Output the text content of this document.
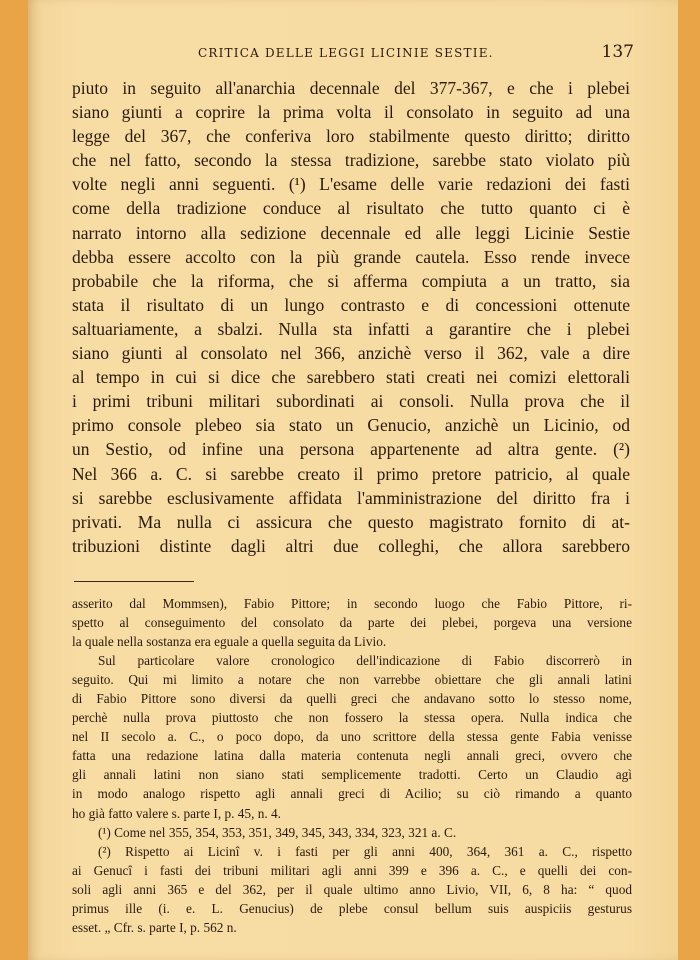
CRITICA DELLE LEGGI LICINIE SESTIE.	137
piuto in seguito all'anarchia decennale del 377-367, e che i plebei
siano giunti a coprire la prima volta il consolato in seguito ad una
legge del 367, che conferiva loro stabilmente questo diritto; diritto
che nel fatto, secondo la stessa tradizione, sarebbe stato violato più
volte negli anni seguenti. (¹) L'esame delle varie redazioni dei fasti
come della tradizione conduce al risultato che tutto quanto ci è
narrato intorno alla sedizione decennale ed alle leggi Licinie Sestie
debba essere accolto con la più grande cautela. Esso rende invece
probabile che la riforma, che si afferma compiuta a un tratto, sia
stata il risultato di un lungo contrasto e di concessioni ottenute
saltuariamente, a sbalzi. Nulla sta infatti a garantire che i plebei
siano giunti al consolato nel 366, anzichè verso il 362, vale a dire
al tempo in cui si dice che sarebbero stati creati nei comizi elettorali
i primi tribuni militari subordinati ai consoli. Nulla prova che il
primo console plebeo sia stato un Genucio, anzichè un Licinio, od
un Sestio, od infine una persona appartenente ad altra gente. (²)
Nel 366 a. C. si sarebbe creato il primo pretore patricio, al quale
si sarebbe esclusivamente affidata l'amministrazione del diritto fra i
privati. Ma nulla ci assicura che questo magistrato fornito di at-
tribuzioni distinte dagli altri due colleghi, che allora sarebbero
asserito dal Mommsen), Fabio Pittore; in secondo luogo che Fabio Pittore, ri-
spetto al conseguimento del consolato da parte dei plebei, porgeva una versione
la quale nella sostanza era eguale a quella seguita da Livio.
Sul particolare valore cronologico dell'indicazione di Fabio discorrerò in
seguito. Qui mi limito a notare che non varrebbe obiettare che gli annali latini
di Fabio Pittore sono diversi da quelli greci che andavano sotto lo stesso nome,
perchè nulla prova piuttosto che non fossero la stessa opera. Nulla indica che
nel II secolo a. C., o poco dopo, da uno scrittore della stessa gente Fabia venisse
fatta una redazione latina dalla materia contenuta negli annali greci, ovvero che
gli annali latini non siano stati semplicemente tradotti. Certo un Claudio agì
in modo analogo rispetto agli annali greci di Acilio; su ciò rimando a quanto
ho già fatto valere s. parte I, p. 45, n. 4.
(¹) Come nel 355, 354, 353, 351, 349, 345, 343, 334, 323, 321 a. C.
(²) Rispetto ai Licinî v. i fasti per gli anni 400, 364, 361 a. C., rispetto
ai Genucî i fasti dei tribuni militari agli anni 399 e 396 a. C., e quelli dei con-
soli agli anni 365 e del 362, per il quale ultimo anno Livio, VII, 6, 8 ha: “ quod
primus ille (i. e. L. Genucius) de plebe consul bellum suis auspiciis gesturus
esset. „ Cfr. s. parte I, p. 562 n.
